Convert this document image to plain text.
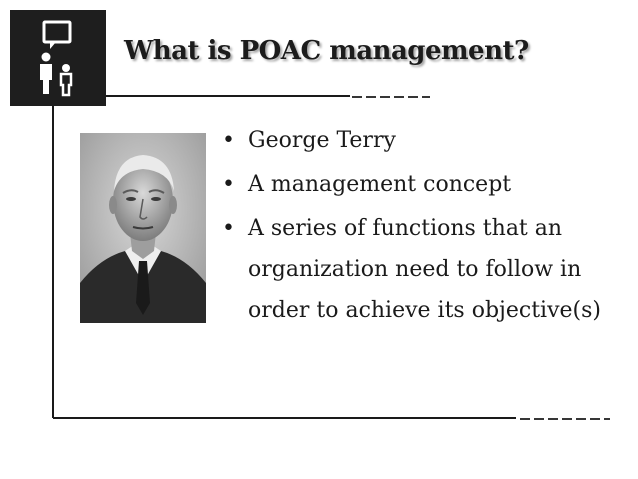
What is POAC management?
• George Terry
• A management concept
• A series of functions that an organization need to follow in order to achieve its objective(s)
